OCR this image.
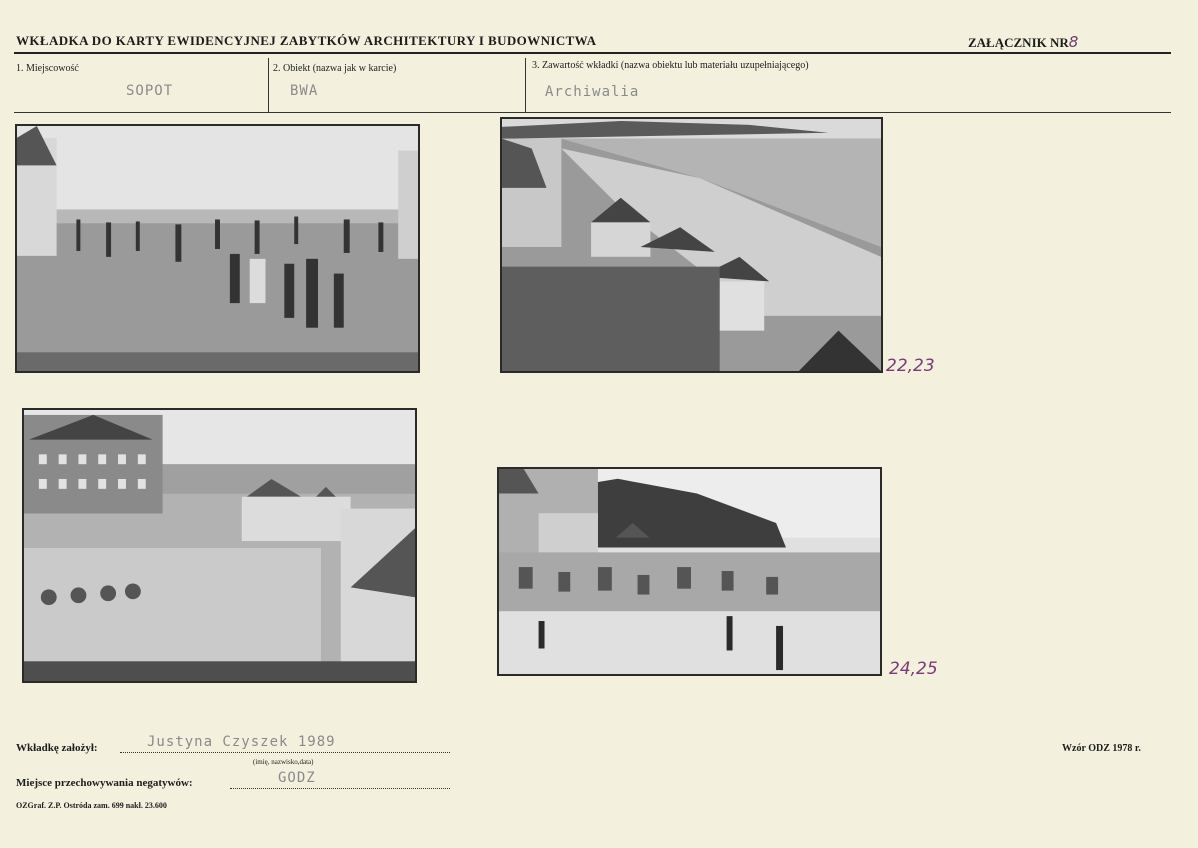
WKŁADKA DO KARTY EWIDENCYJNEJ ZABYTKÓW ARCHITEKTURY I BUDOWNICTWA	ZAŁĄCZNIK NR8
1. Miejscowość
SOPOT
2. Obiekt (nazwa jak w karcie)
BWA
3. Zawartość wkładki (nazwa obiektu lub materiału uzupełniającego)
Archiwalia
22,23
24,25
Wkładkę założył:	Justyna Czyszek 1989
(imię, nazwisko,data)
Miejsce przechowywania negatywów:	GODZ
OZGraf. Z.P. Ostróda zam. 699 nakł. 23.600
Wzór ODZ 1978 r.
